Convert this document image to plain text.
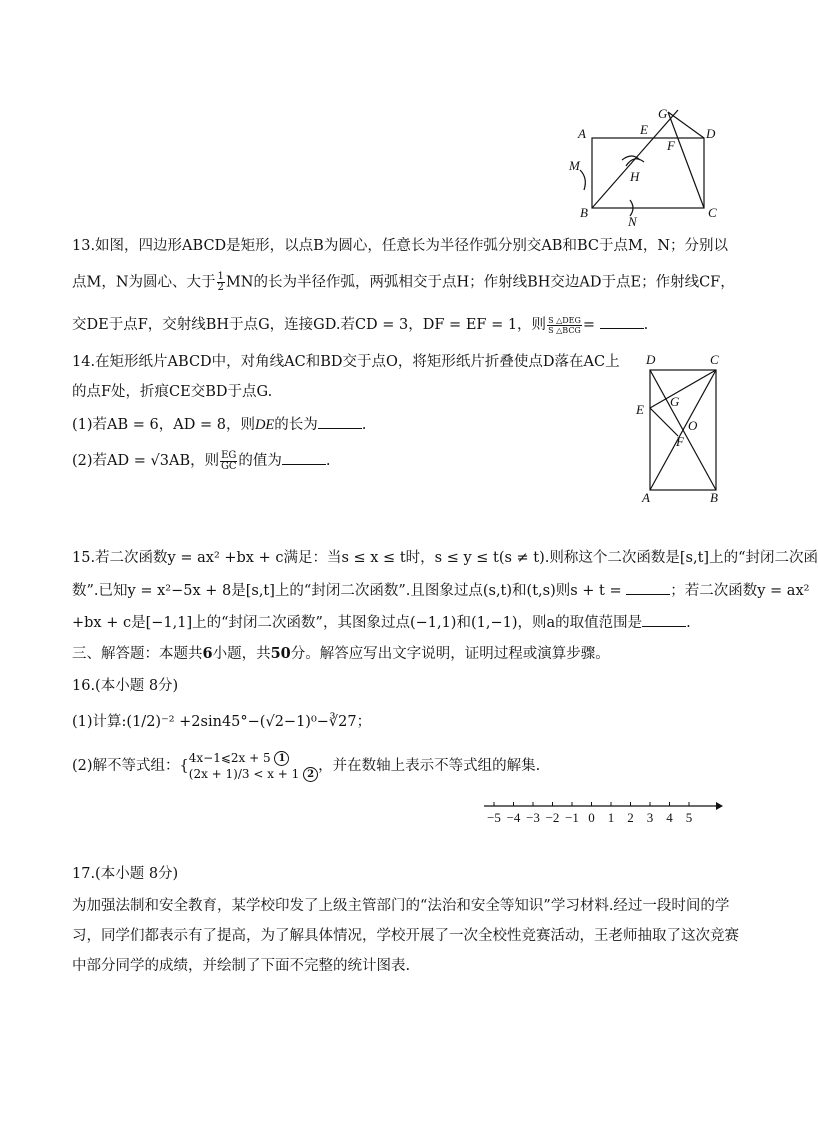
A	E
G
D
F
M
H
B
N
C
13.如图，四边形ABCD是矩形，以点B为圆心，任意长为半径作弧分别交AB和BC于点M，N；分别以
点M，N为圆心、大于 $\frac{1}{2}$ MN的长为半径作弧，两弧相交于点H；作射线BH交边AD于点E；作射线CF，
交DE于点F，交射线BH于点G，连接GD.若CD = 3，DF = EF = 1，则 $\frac{\text{S △DEG}}{\text{S △BCG}}$ =	.
D	C
E
G
O
F
A	B
14.在矩形纸片ABCD中，对角线AC和BD交于点O，将矩形纸片折叠使点D落在AC上
的点F处，折痕CE交BD于点G.
(1)若AB = 6，AD = 8，则DE的长为	.
(2)若AD = √3AB，则 $\frac{EG}{GC}$ 的值为	.
15.若二次函数y = ax² +bx + c满足：当s ≤ x ≤ t时，s ≤ y ≤ t(s ≠ t).则称这个二次函数是[s,t]上的“封闭二次函
数”.已知y = x²−5x + 8是[s,t]上的“封闭二次函数”.且图象过点(s,t)和(t,s)则s + t =	；若二次函数y = ax²
+bx + c是[−1,1]上的“封闭二次函数”，其图象过点(−1,1)和(1,−1)，则a的取值范围是	.
三、解答题：本题共6小题，共50分。解答应写出文字说明，证明过程或演算步骤。
16.(本小题 8分)
(1)计算:(1/2)⁻² +2sin45°−(√2−1)⁰−∛27；
(2)解不等式组：{ 4x−1⩽2x + 5 1
(2x + 1)/3 < x + 1 2
，并在数轴上表示不等式组的解集.
−5 −4 −3 −2 −1 0 1 2 3 4 5
17.(本小题 8分)
为加强法制和安全教育，某学校印发了上级主管部门的“法治和安全等知识”学习材料.经过一段时间的学
习，同学们都表示有了提高，为了解具体情况，学校开展了一次全校性竞赛活动，王老师抽取了这次竞赛
中部分同学的成绩，并绘制了下面不完整的统计图表.
